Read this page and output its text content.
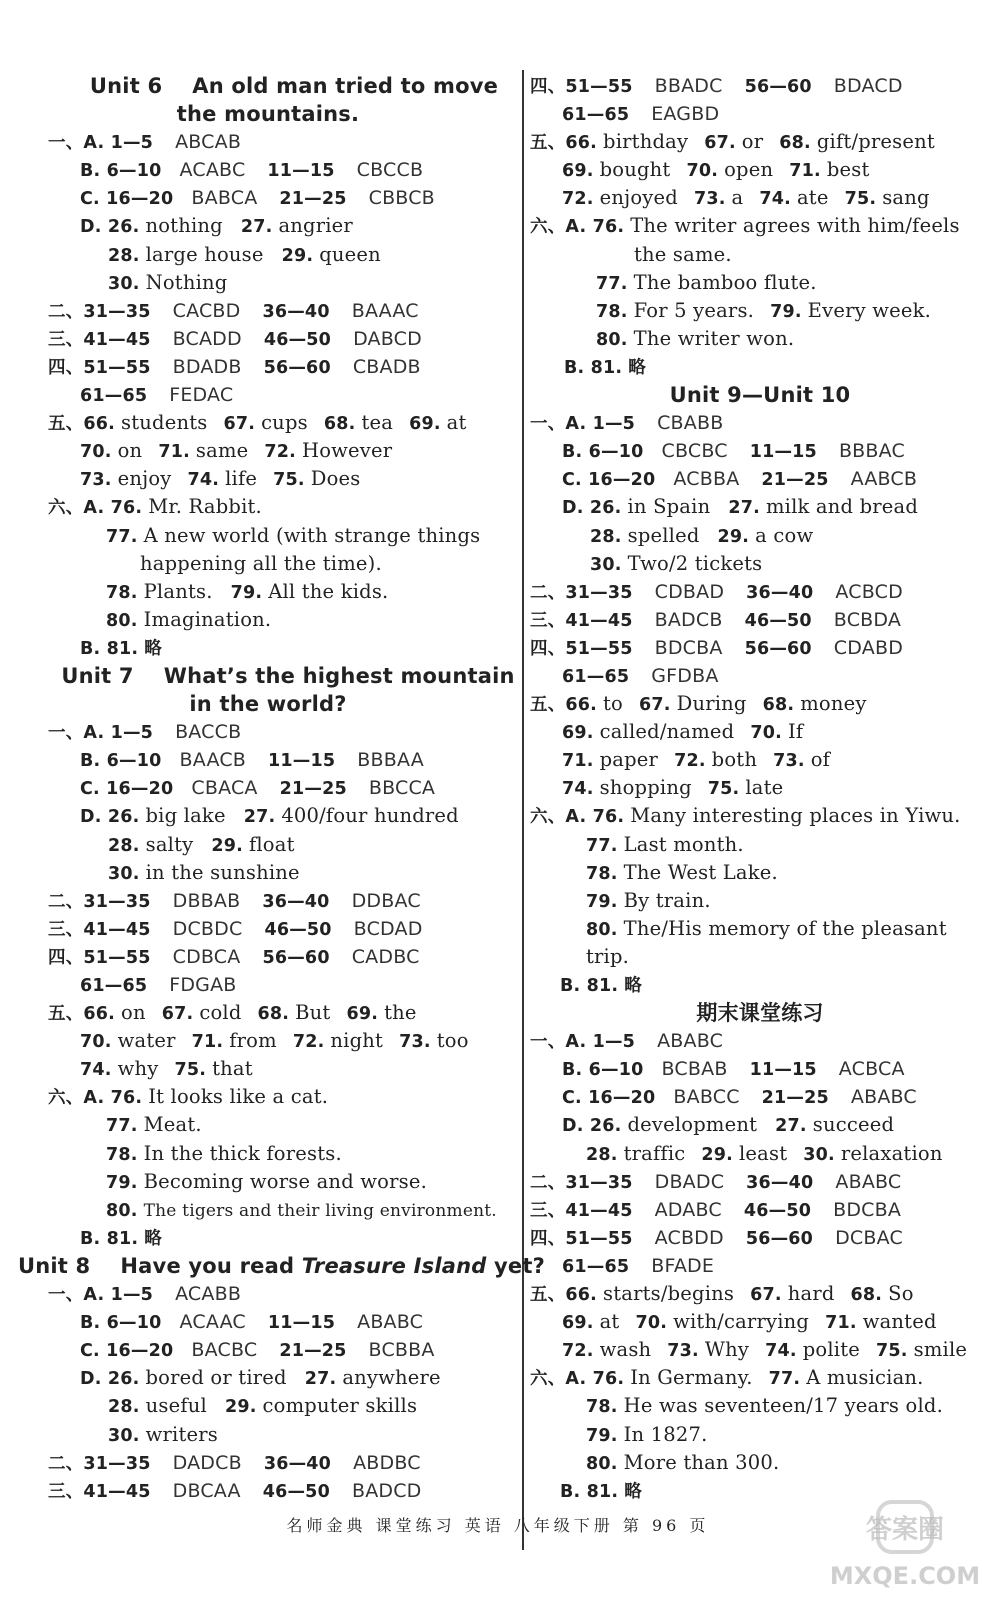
Unit 6    An old man tried to move
the mountains.
一、A. 1—5 ABCAB
B. 6—10 ACABC 11—15 CBCCB
C. 16—20 BABCA 21—25 CBBCB
D. 26. nothing 27. angrier
28. large house 29. queen
30. Nothing
二、31—35 CACBD 36—40 BAAAC
三、41—45 BCADD 46—50 DABCD
四、51—55 BDADB 56—60 CBADB
61—65 FEDAC
五、66. students 67. cups 68. tea 69. at
70. on 71. same 72. However
73. enjoy 74. life 75. Does
六、A. 76. Mr. Rabbit.
77. A new world (with strange things
happening all the time).
78. Plants. 79. All the kids.
80. Imagination.
B. 81. 略
Unit 7    What’s the highest mountain
in the world?
一、A. 1—5 BACCB
B. 6—10 BAACB 11—15 BBBAA
C. 16—20 CBACA 21—25 BBCCA
D. 26. big lake 27. 400/four hundred
28. salty 29. float
30. in the sunshine
二、31—35 DBBAB 36—40 DDBAC
三、41—45 DCBDC 46—50 BCDAD
四、51—55 CDBCA 56—60 CADBC
61—65 FDGAB
五、66. on 67. cold 68. But 69. the
70. water 71. from 72. night 73. too
74. why 75. that
六、A. 76. It looks like a cat.
77. Meat.
78. In the thick forests.
79. Becoming worse and worse.
80. The tigers and their living environment.
B. 81. 略
Unit 8    Have you read Treasure Island yet?
一、A. 1—5 ACABB
B. 6—10 ACAAC 11—15 ABABC
C. 16—20 BACBC 21—25 BCBBA
D. 26. bored or tired 27. anywhere
28. useful 29. computer skills
30. writers
二、31—35 DADCB 36—40 ABDBC
三、41—45 DBCAA 46—50 BADCD
四、51—55 BBADC 56—60 BDACD
61—65 EAGBD
五、66. birthday 67. or 68. gift/present
69. bought 70. open 71. best
72. enjoyed 73. a 74. ate 75. sang
六、A. 76. The writer agrees with him/feels
the same.
77. The bamboo flute.
78. For 5 years. 79. Every week.
80. The writer won.
B. 81. 略
Unit 9—Unit 10
一、A. 1—5 CBABB
B. 6—10 CBCBC 11—15 BBBAC
C. 16—20 ACBBA 21—25 AABCB
D. 26. in Spain 27. milk and bread
28. spelled 29. a cow
30. Two/2 tickets
二、31—35 CDBAD 36—40 ACBCD
三、41—45 BADCB 46—50 BCBDA
四、51—55 BDCBA 56—60 CDABD
61—65 GFDBA
五、66. to 67. During 68. money
69. called/named 70. If
71. paper 72. both 73. of
74. shopping 75. late
六、A. 76. Many interesting places in Yiwu.
77. Last month.
78. The West Lake.
79. By train.
80. The/His memory of the pleasant
trip.
B. 81. 略
期末课堂练习
一、A. 1—5 ABABC
B. 6—10 BCBAB 11—15 ACBCA
C. 16—20 BABCC 21—25 ABABC
D. 26. development 27. succeed
28. traffic 29. least 30. relaxation
二、31—35 DBADC 36—40 ABABC
三、41—45 ADABC 46—50 BDCBA
四、51—55 ACBDD 56—60 DCBAC
61—65 BFADE
五、66. starts/begins 67. hard 68. So
69. at 70. with/carrying 71. wanted
72. wash 73. Why 74. polite 75. smile
六、A. 76. In Germany. 77. A musician.
78. He was seventeen/17 years old.
79. In 1827.
80. More than 300.
B. 81. 略
名师金典 课堂练习 英语 八年级下册 第 96 页	答案圈
MXQE.COM
